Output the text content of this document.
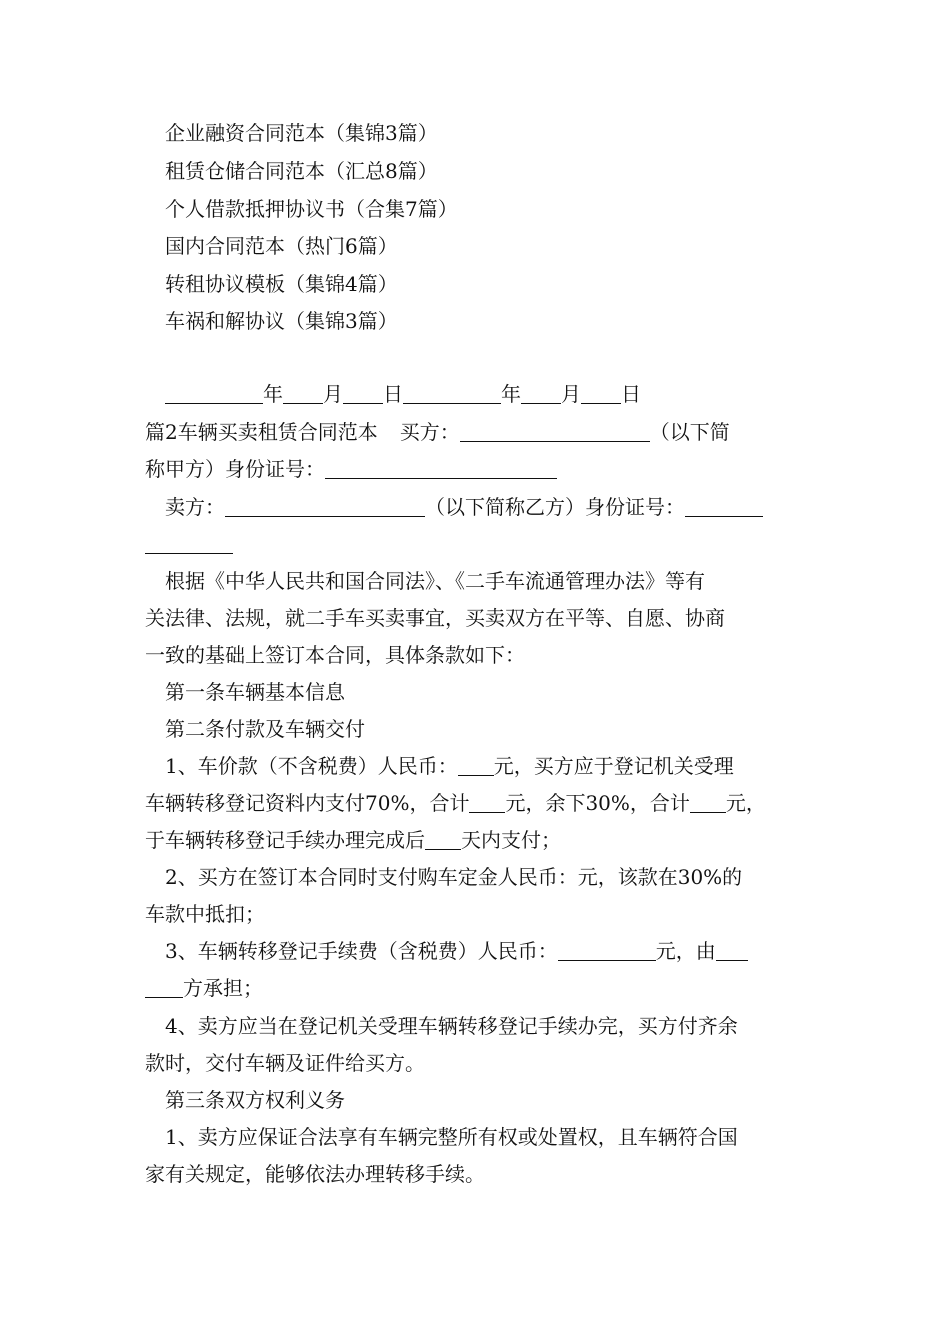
企业融资合同范本（集锦3篇）
租赁仓储合同范本（汇总8篇）
个人借款抵押协议书（合集7篇）
国内合同范本（热门6篇）
转租协议模板（集锦4篇）
车祸和解协议（集锦3篇）
年 月 日	年 月 日
篇2车辆买卖租赁合同范本 买方：	（以下简
称甲方）身份证号：
卖方：	（以下简称乙方）身份证号：
根据《中华人民共和国合同法》、《二手车流通管理办法》等有
关法律、法规，就二手车买卖事宜，买卖双方在平等、自愿、协商
一致的基础上签订本合同，具体条款如下：
第一条车辆基本信息
第二条付款及车辆交付
1、车价款（不含税费）人民币： 元，买方应于登记机关受理
车辆转移登记资料内支付70%，合计 元，余下30%，合计 元，
于车辆转移登记手续办理完成后 天内支付；
2、买方在签订本合同时支付购车定金人民币：元，该款在30%的
车款中抵扣；
3、车辆转移登记手续费（含税费）人民币：	元，由
方承担；
4、卖方应当在登记机关受理车辆转移登记手续办完，买方付齐余
款时，交付车辆及证件给买方。
第三条双方权利义务
1、卖方应保证合法享有车辆完整所有权或处置权，且车辆符合国
家有关规定，能够依法办理转移手续。
